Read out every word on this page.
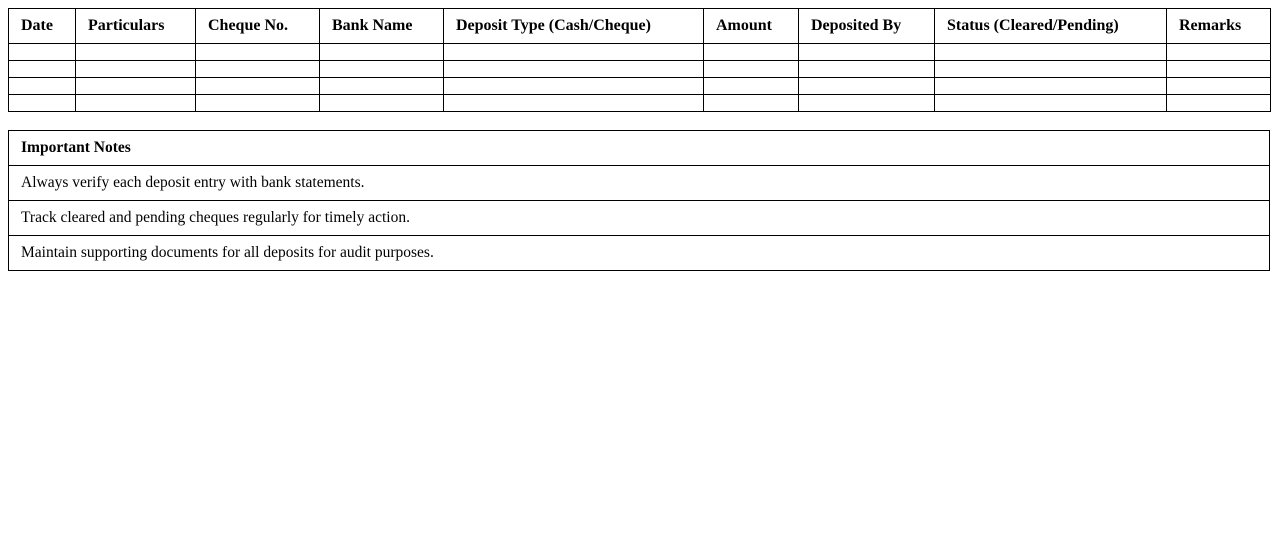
Date	Particulars	Cheque No.	Bank Name	Deposit Type (Cash/Cheque)	Amount	Deposited By	Status (Cleared/Pending)	Remarks

Important Notes
Always verify each deposit entry with bank statements.
Track cleared and pending cheques regularly for timely action.
Maintain supporting documents for all deposits for audit purposes.
